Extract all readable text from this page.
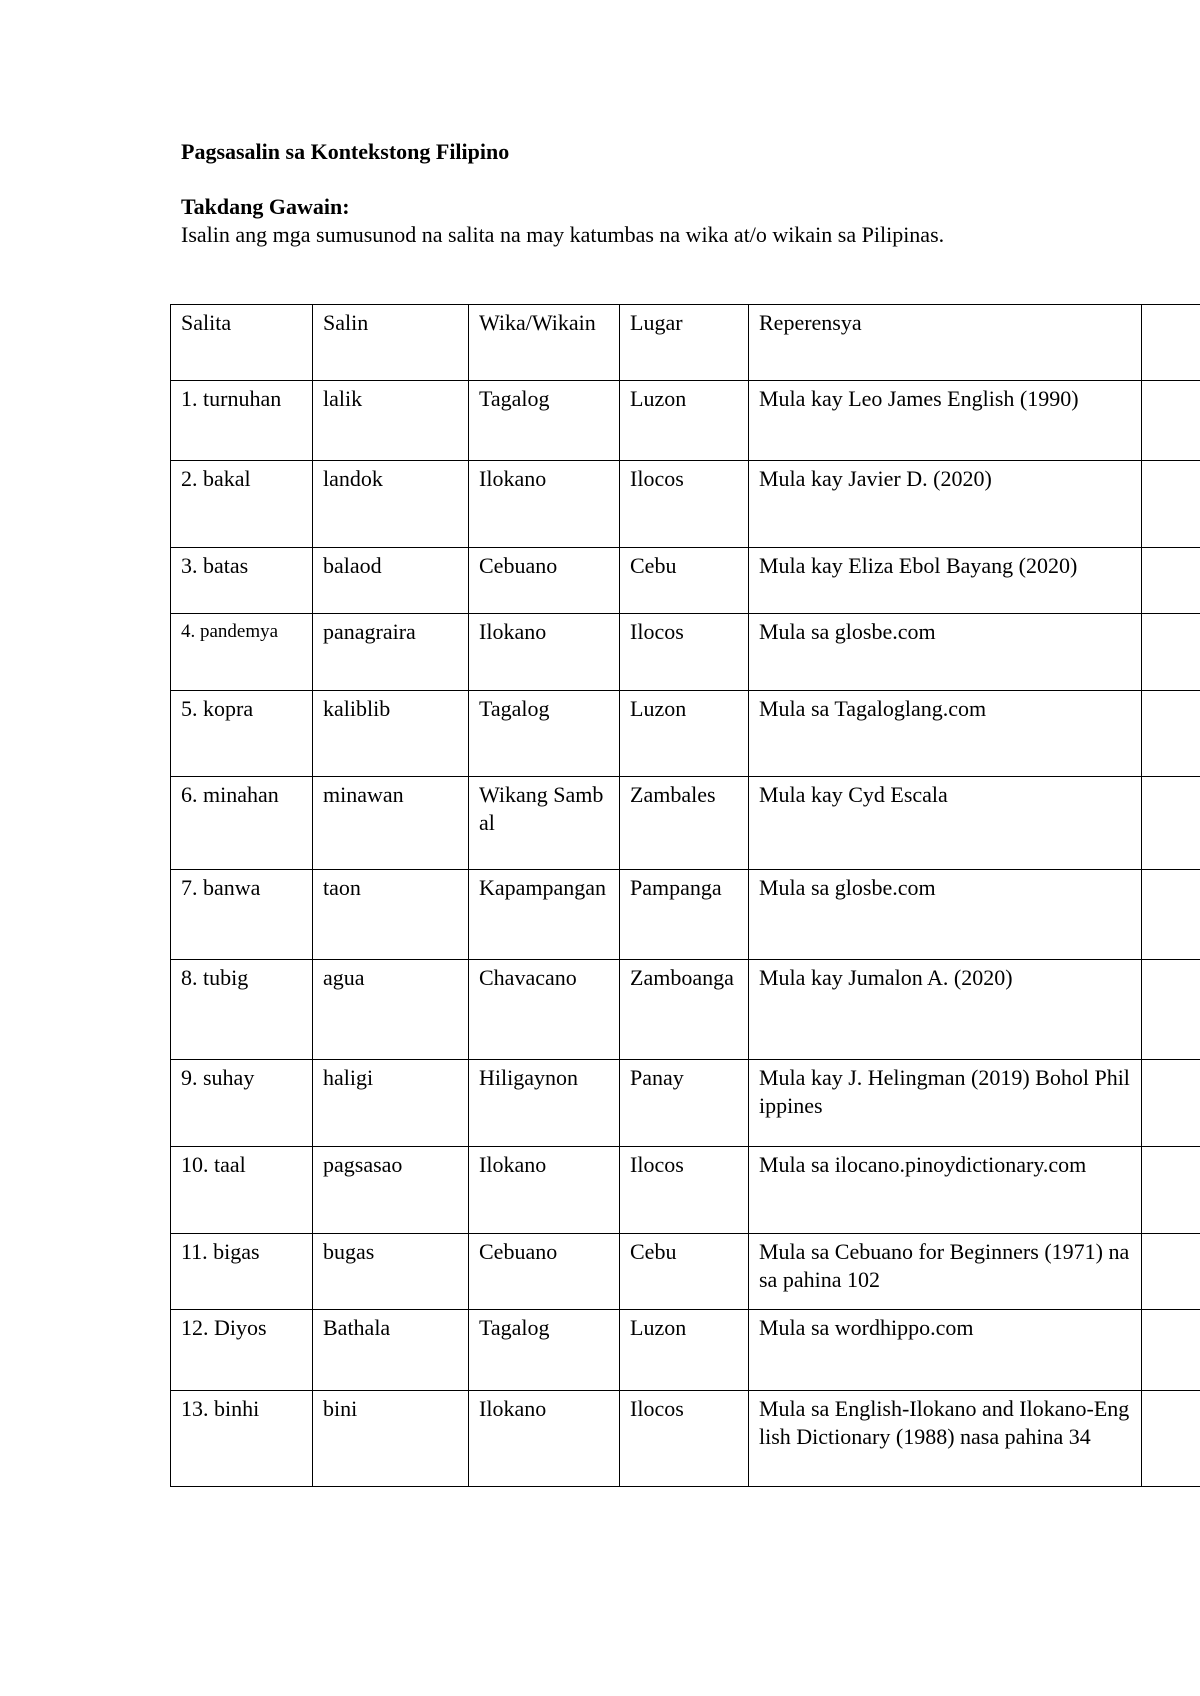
Pagsasalin sa Kontekstong Filipino
Takdang Gawain:

Isalin ang mga sumusunod na salita na may katumbas na wika at/o wikain sa Pilipinas.

Salita	Salin	Wika/Wikain	Lugar	Reperensya	
1. turnuhan	lalik	Tagalog	Luzon	Mula kay Leo James English (1990)	
2. bakal	landok	Ilokano	Ilocos	Mula kay Javier D. (2020)	
3. batas	balaod	Cebuano	Cebu	Mula kay Eliza Ebol Bayang (2020)	
4. pandemya	panagraira	Ilokano	Ilocos	Mula sa glosbe.com	
5. kopra	kaliblib	Tagalog	Luzon	Mula sa Tagaloglang.com	
6. minahan	minawan	Wikang Sambal	Zambales	Mula kay Cyd Escala	
7. banwa	taon	Kapampangan	Pampanga	Mula sa glosbe.com	
8. tubig	agua	Chavacano	Zamboanga	Mula kay Jumalon A. (2020)	
9. suhay	haligi	Hiligaynon	Panay	Mula kay J. Helingman (2019) Bohol Philippines	
10. taal	pagsasao	Ilokano	Ilocos	Mula sa ilocano.pinoydictionary.com	
11. bigas	bugas	Cebuano	Cebu	Mula sa Cebuano for Beginners (1971) nasa pahina 102	
12. Diyos	Bathala	Tagalog	Luzon	Mula sa wordhippo.com	
13. binhi	bini	Ilokano	Ilocos	Mula sa English-Ilokano and Ilokano-English Dictionary (1988) nasa pahina 34	
